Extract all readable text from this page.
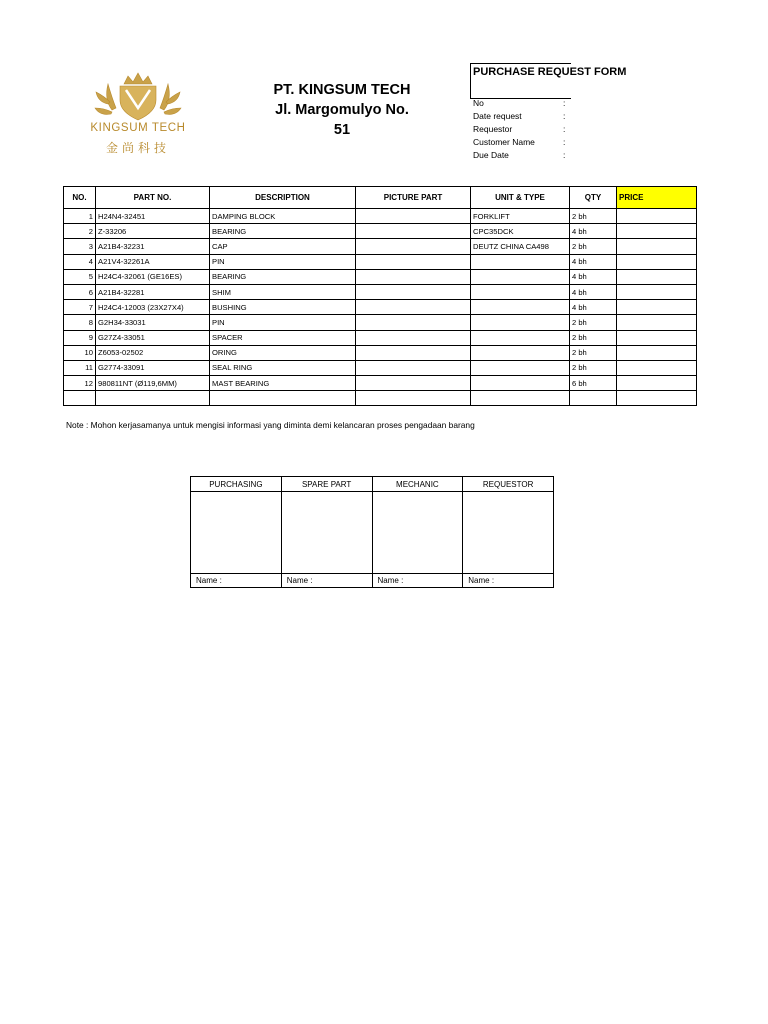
KINGSUM TECH
金尚科技
PT. KINGSUM TECH
Jl. Margomulyo No.
51
PURCHASE REQUEST FORM
No	:
Date request	:
Requestor	:
Customer Name	:
Due Date	:
NO.	PART NO.	DESCRIPTION	PICTURE PART	UNIT & TYPE	QTY	PRICE
1	H24N4-32451	DAMPING BLOCK		FORKLIFT	2 bh	
2	Z-33206	BEARING		CPC35DCK	4 bh	
3	A21B4-32231	CAP		DEUTZ CHINA CA498	2 bh	
4	A21V4-32261A	PIN			4 bh	
5	H24C4-32061 (GE16ES)	BEARING			4 bh	
6	A21B4-32281	SHIM			4 bh	
7	H24C4-12003 (23X27X4)	BUSHING			4 bh	
8	G2H34-33031	PIN			2 bh	
9	G27Z4-33051	SPACER			2 bh	
10	Z6053-02502	ORING			2 bh	
11	G2774-33091	SEAL RING			2 bh	
12	980811NT (Ø119,6MM)	MAST BEARING			6 bh	

Note : Mohon kerjasamanya untuk mengisi informasi yang diminta demi kelancaran proses pengadaan barang
PURCHASING	SPARE PART	MECHANIC	REQUESTOR

Name :	Name :	Name :	Name :
